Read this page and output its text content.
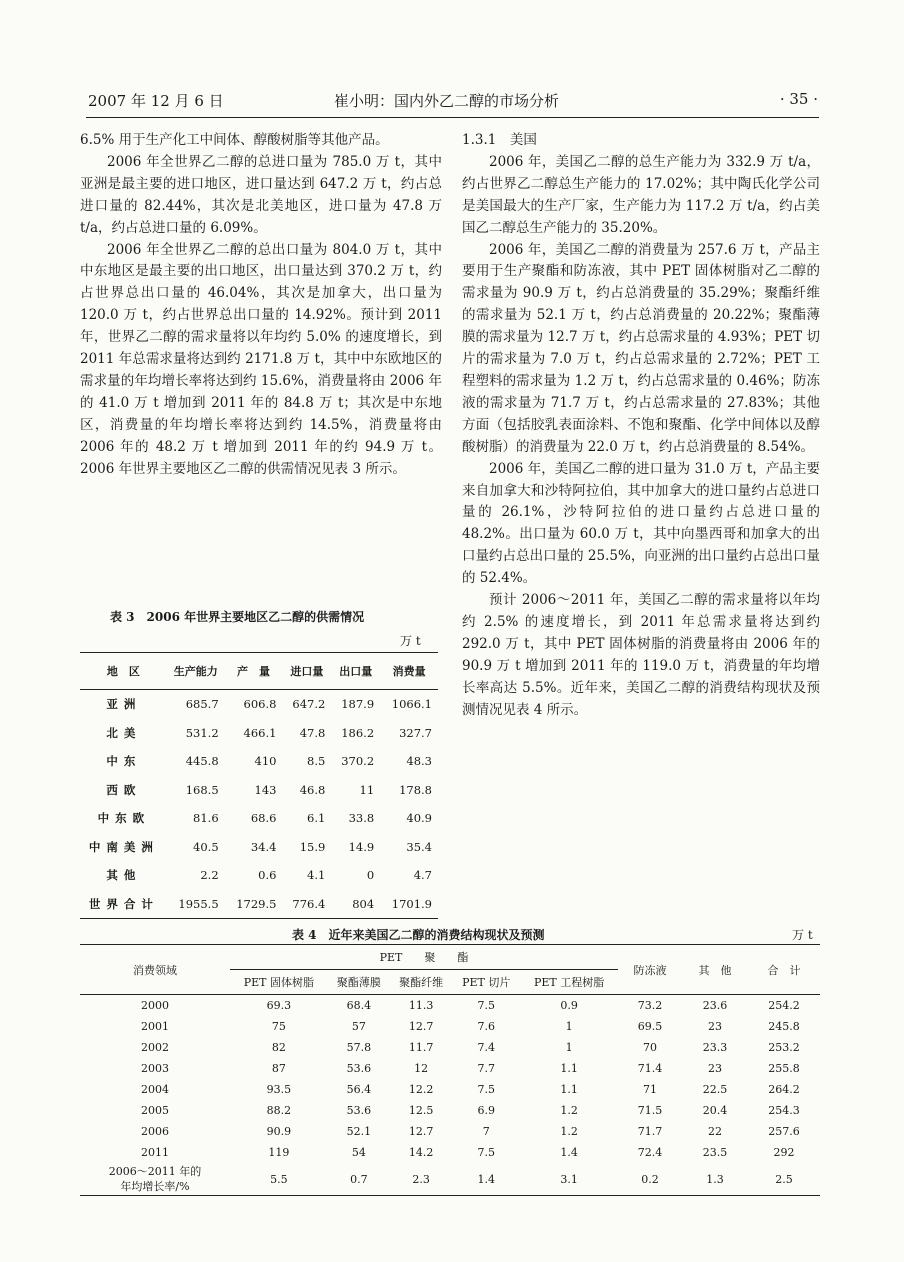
2007 年 12 月 6 日	崔小明：国内外乙二醇的市场分析	· 35 ·

6.5% 用于生产化工中间体、醇酸树脂等其他产品。

2006 年全世界乙二醇的总进口量为 785.0 万 t，其中亚洲是最主要的进口地区，进口量达到 647.2 万 t，约占总进口量的 82.44%，其次是北美地区，进口量为 47.8 万 t/a，约占总进口量的 6.09%。

2006 年全世界乙二醇的总出口量为 804.0 万 t，其中中东地区是最主要的出口地区，出口量达到 370.2 万 t，约占世界总出口量的 46.04%，其次是加拿大，出口量为 120.0 万 t，约占世界总出口量的 14.92%。预计到 2011 年，世界乙二醇的需求量将以年均约 5.0% 的速度增长，到 2011 年总需求量将达到约 2171.8 万 t，其中中东欧地区的需求量的年均增长率将达到约 15.6%，消费量将由 2006 年的 41.0 万 t 增加到 2011 年的 84.8 万 t；其次是中东地区，消费量的年均增长率将达到约 14.5%，消费量将由 2006 年的 48.2 万 t 增加到 2011 年的约 94.9 万 t。2006 年世界主要地区乙二醇的供需情况见表 3 所示。

表 3　2006 年世界主要地区乙二醇的供需情况
万 t
地　区	生产能力	产　量	进口量	出口量	消费量
亚洲	685.7	606.8	647.2	187.9	1066.1
北美	531.2	466.1	47.8	186.2	327.7
中东	445.8	410	8.5	370.2	48.3
西欧	168.5	143	46.8	11	178.8
中东欧	81.6	68.6	6.1	33.8	40.9
中南美洲	40.5	34.4	15.9	14.9	35.4
其他	2.2	0.6	4.1	0	4.7
世界合计	1955.5	1729.5	776.4	804	1701.9

1.3.1　美国

2006 年，美国乙二醇的总生产能力为 332.9 万 t/a，约占世界乙二醇总生产能力的 17.02%；其中陶氏化学公司是美国最大的生产厂家，生产能力为 117.2 万 t/a，约占美国乙二醇总生产能力的 35.20%。

2006 年，美国乙二醇的消费量为 257.6 万 t，产品主要用于生产聚酯和防冻液，其中 PET 固体树脂对乙二醇的需求量为 90.9 万 t，约占总消费量的 35.29%；聚酯纤维的需求量为 52.1 万 t，约占总消费量的 20.22%；聚酯薄膜的需求量为 12.7 万 t，约占总需求量的 4.93%；PET 切片的需求量为 7.0 万 t，约占总需求量的 2.72%；PET 工程塑料的需求量为 1.2 万 t，约占总需求量的 0.46%；防冻液的需求量为 71.7 万 t，约占总需求量的 27.83%；其他方面（包括胶乳表面涂料、不饱和聚酯、化学中间体以及醇酸树脂）的消费量为 22.0 万 t，约占总消费量的 8.54%。

2006 年，美国乙二醇的进口量为 31.0 万 t，产品主要来自加拿大和沙特阿拉伯，其中加拿大的进口量约占总进口量的 26.1%，沙特阿拉伯的进口量约占总进口量的 48.2%。出口量为 60.0 万 t，其中向墨西哥和加拿大的出口量约占总出口量的 25.5%，向亚洲的出口量约占总出口量的 52.4%。

预计 2006～2011 年，美国乙二醇的需求量将以年均约 2.5% 的速度增长，到 2011 年总需求量将达到约 292.0 万 t，其中 PET 固体树脂的消费量将由 2006 年的 90.9 万 t 增加到 2011 年的 119.0 万 t，消费量的年均增长率高达 5.5%。近年来，美国乙二醇的消费结构现状及预测情况见表 4 所示。

表 4　近年来美国乙二醇的消费结构现状及预测	万 t
消费领域	PET　　聚　　酯					防冻液	其　他	合　计
	PET 固体树脂	聚酯薄膜	聚酯纤维	PET 切片	PET 工程树脂			
2000	69.3	68.4	11.3	7.5	0.9	73.2	23.6	254.2
2001	75	57	12.7	7.6	1	69.5	23	245.8
2002	82	57.8	11.7	7.4	1	70	23.3	253.2
2003	87	53.6	12	7.7	1.1	71.4	23	255.8
2004	93.5	56.4	12.2	7.5	1.1	71	22.5	264.2
2005	88.2	53.6	12.5	6.9	1.2	71.5	20.4	254.3
2006	90.9	52.1	12.7	7	1.2	71.7	22	257.6
2011	119	54	14.2	7.5	1.4	72.4	23.5	292

2006～2011 年的
年均增长率/%	5.5	0.7	2.3	1.4	3.1	0.2	1.3	2.5
